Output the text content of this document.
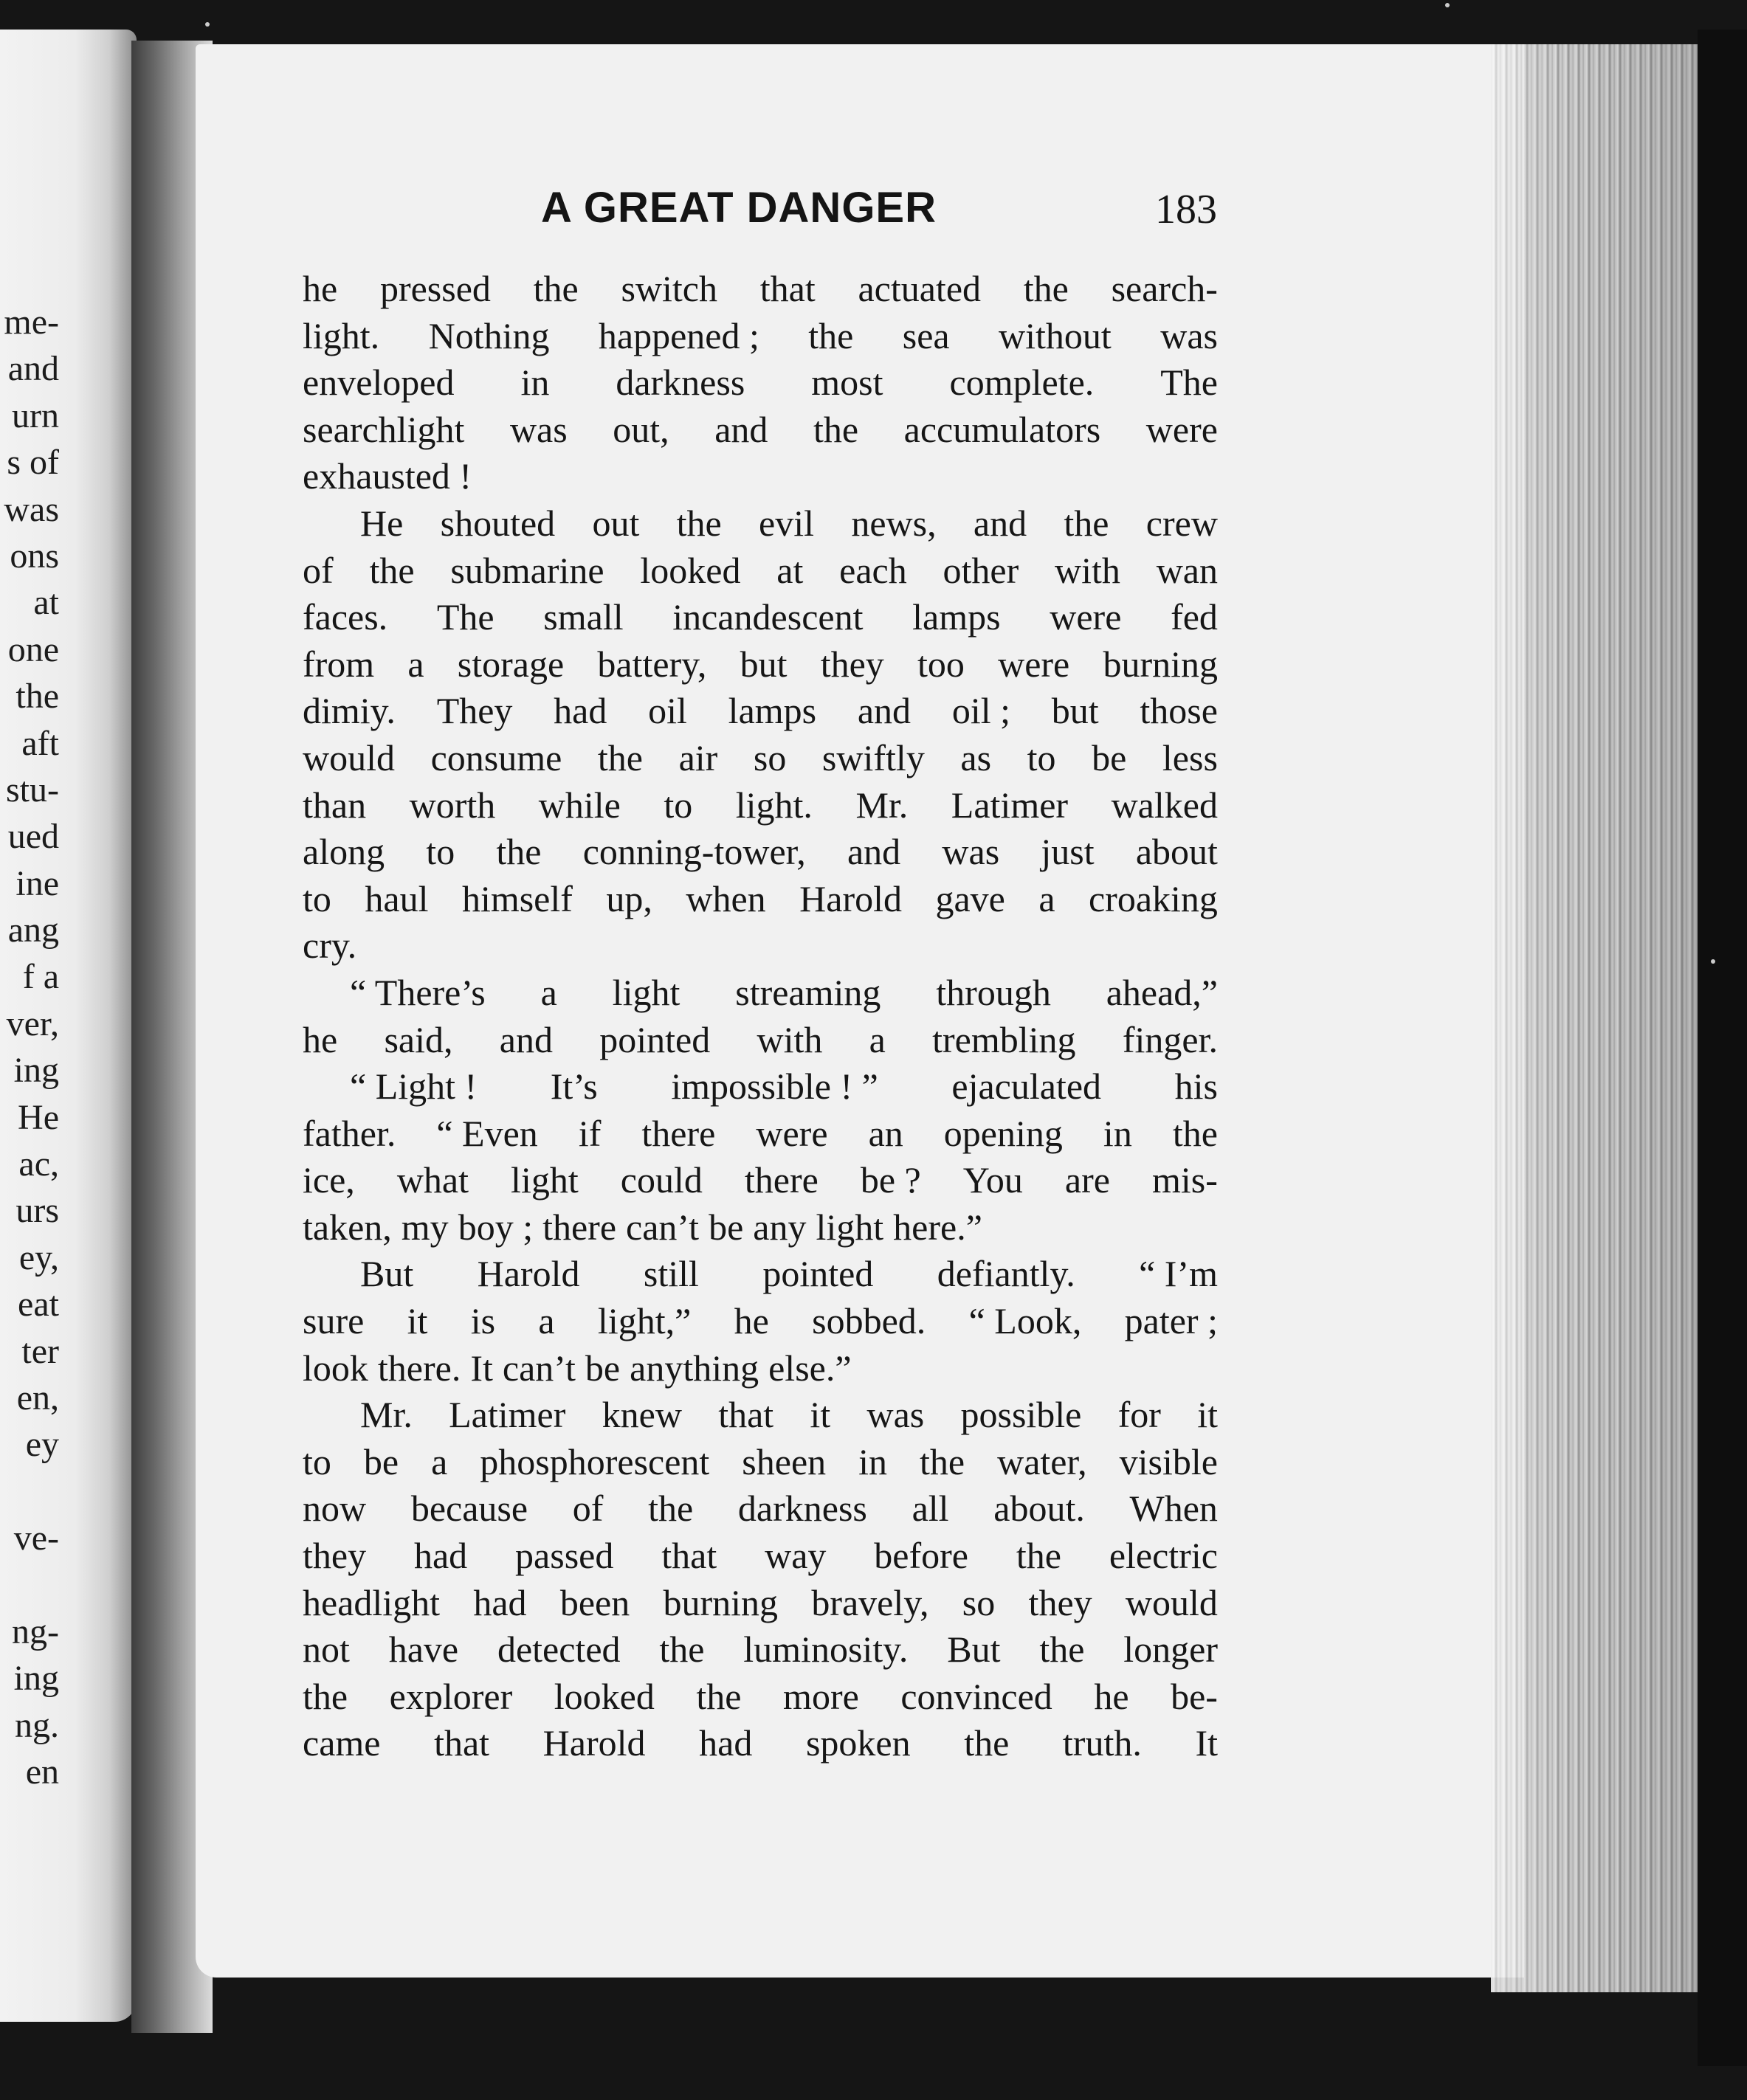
me-
and
urn
s of
was
ons
at
one
the
aft
stu-
ued
ine
ang
f a
ver,
ing
He
ac,
urs
ey,
eat
ter
en,
ey
ve-
ng-
ing
ng.
en
A GREAT DANGER	183
he pressed the switch that actuated the search-
light. Nothing happened ; the sea without was
enveloped in darkness most complete. The
searchlight was out, and the accumulators were
exhausted !
He shouted out the evil news, and the crew
of the submarine looked at each other with wan
faces. The small incandescent lamps were fed
from a storage battery, but they too were burning
dimiy. They had oil lamps and oil ; but those
would consume the air so swiftly as to be less
than worth while to light. Mr. Latimer walked
along to the conning-tower, and was just about
to haul himself up, when Harold gave a croaking
cry.
“ There’s a light streaming through ahead,”
he said, and pointed with a trembling finger.
“ Light ! It’s impossible ! ” ejaculated his
father. “ Even if there were an opening in the
ice, what light could there be ? You are mis-
taken, my boy ; there can’t be any light here.”
But Harold still pointed defiantly. “ I’m
sure it is a light,” he sobbed. “ Look, pater ;
look there. It can’t be anything else.”
Mr. Latimer knew that it was possible for it
to be a phosphorescent sheen in the water, visible
now because of the darkness all about. When
they had passed that way before the electric
headlight had been burning bravely, so they would
not have detected the luminosity. But the longer
the explorer looked the more convinced he be-
came that Harold had spoken the truth. It
